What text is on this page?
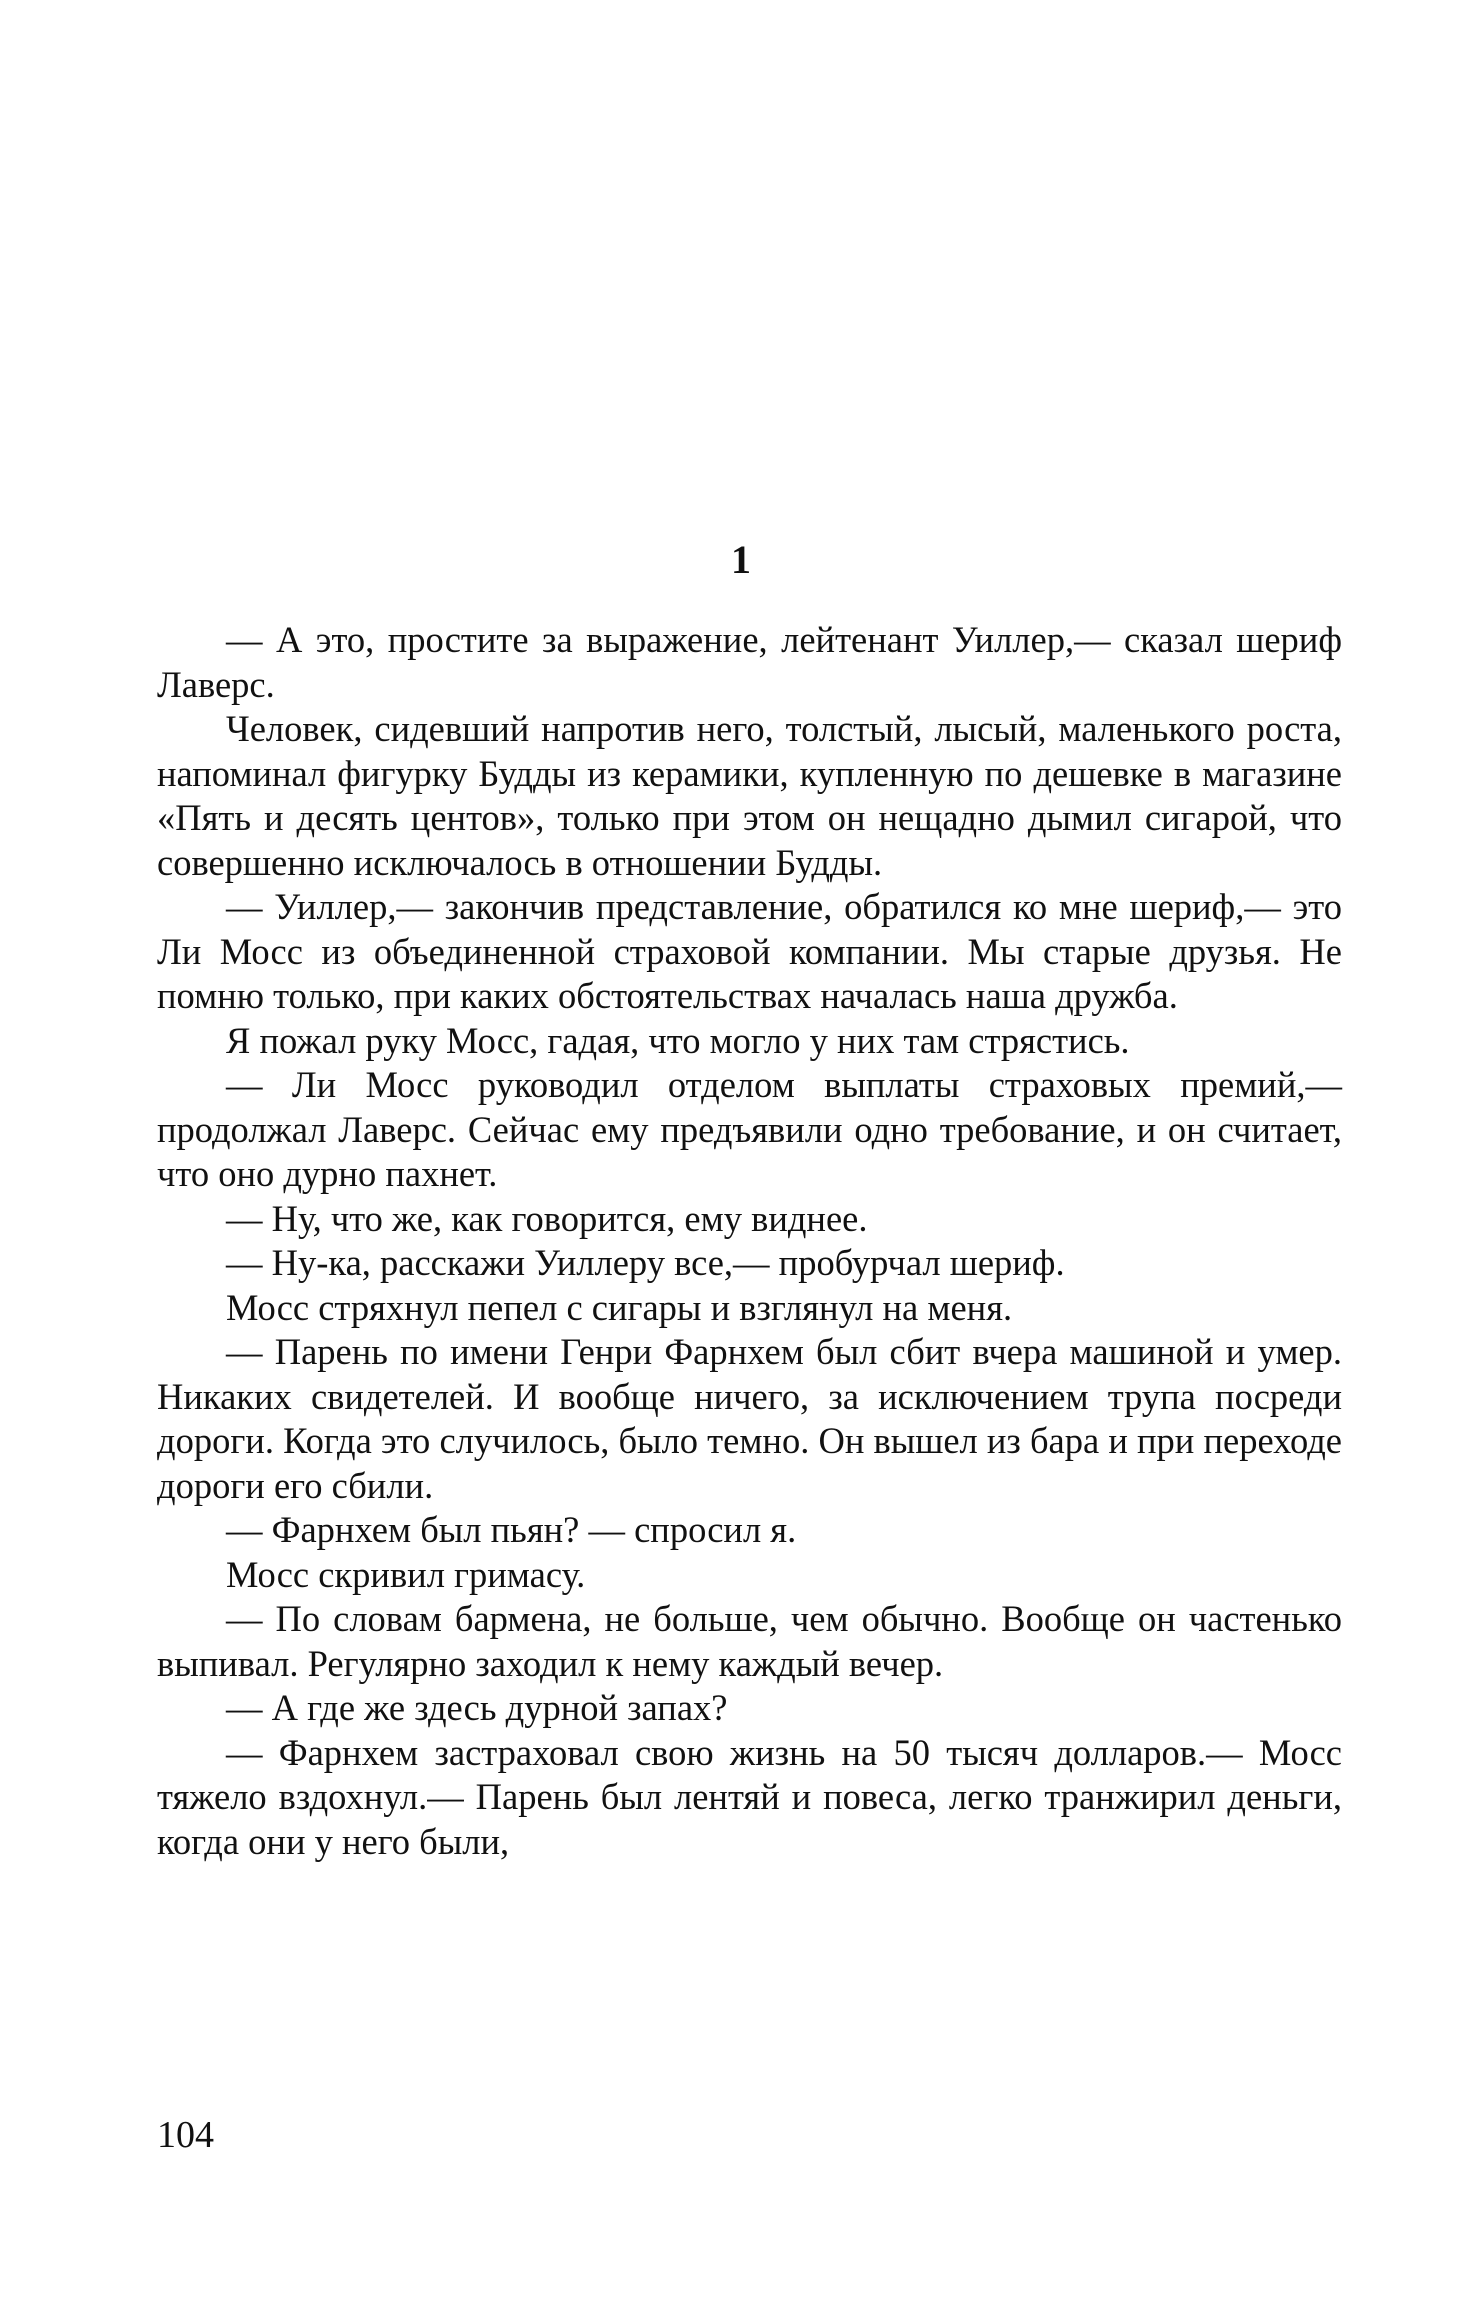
1

— А это, простите за выражение, лейтенант Уиллер,— сказал шериф Лаверс.

Человек, сидевший напротив него, толстый, лысый, маленького роста, напоминал фигурку Будды из керамики, купленную по дешевке в магазине «Пять и десять центов», только при этом он нещадно дымил сигарой, что совершенно исключалось в отношении Будды.

— Уиллер,— закончив представление, обратился ко мне шериф,— это Ли Мосс из объединенной страховой компании. Мы старые друзья. Не помню только, при каких обстоятельствах началась наша дружба.

Я пожал руку Мосс, гадая, что могло у них там стрястись.

— Ли Мосс руководил отделом выплаты страховых премий,— продолжал Лаверс. Сейчас ему предъявили одно требование, и он считает, что оно дурно пахнет.

— Ну, что же, как говорится, ему виднее.

— Ну-ка, расскажи Уиллеру все,— пробурчал шериф.

Мосс стряхнул пепел с сигары и взглянул на меня.

— Парень по имени Генри Фарнхем был сбит вчера машиной и умер. Никаких свидетелей. И вообще ничего, за исключением трупа посреди дороги. Когда это случилось, было темно. Он вышел из бара и при переходе дороги его сбили.

— Фарнхем был пьян? — спросил я.

Мосс скривил гримасу.

— По словам бармена, не больше, чем обычно. Вообще он частенько выпивал. Регулярно заходил к нему каждый вечер.

— А где же здесь дурной запах?

— Фарнхем застраховал свою жизнь на 50 тысяч долларов.— Мосс тяжело вздохнул.— Парень был лентяй и повеса, легко транжирил деньги, когда они у него были,

104
